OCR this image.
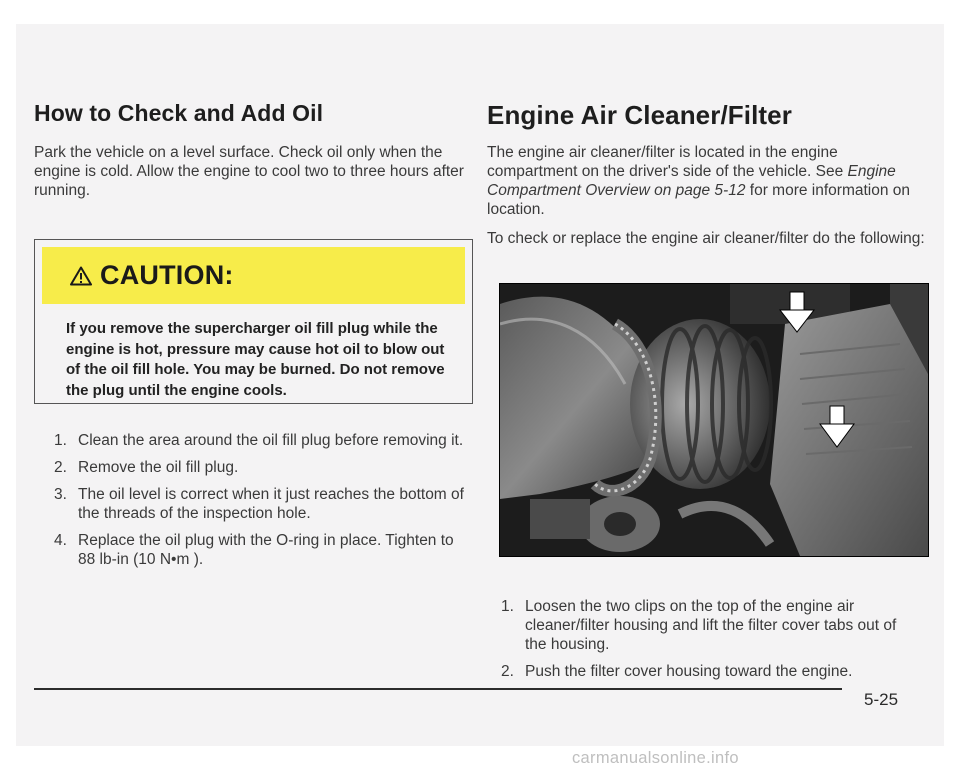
How to Check and Add Oil

Park the vehicle on a level surface. Check oil only when the engine is cold. Allow the engine to cool two to three hours after running.

CAUTION:

If you remove the supercharger oil fill plug while the engine is hot, pressure may cause hot oil to blow out of the oil fill hole. You may be burned. Do not remove the plug until the engine cools.

1. Clean the area around the oil fill plug before removing it.
2. Remove the oil fill plug.
3. The oil level is correct when it just reaches the bottom of the threads of the inspection hole.
4. Replace the oil plug with the O-ring in place. Tighten to 88 lb-in (10 N•m ).
Engine Air Cleaner/Filter

The engine air cleaner/filter is located in the engine compartment on the driver's side of the vehicle. See Engine Compartment Overview on page 5-12 for more information on location.

To check or replace the engine air cleaner/filter do the following:

1. Loosen the two clips on the top of the engine air cleaner/filter housing and lift the filter cover tabs out of the housing.
2. Push the filter cover housing toward the engine.
5-25
carmanualsonline.info
